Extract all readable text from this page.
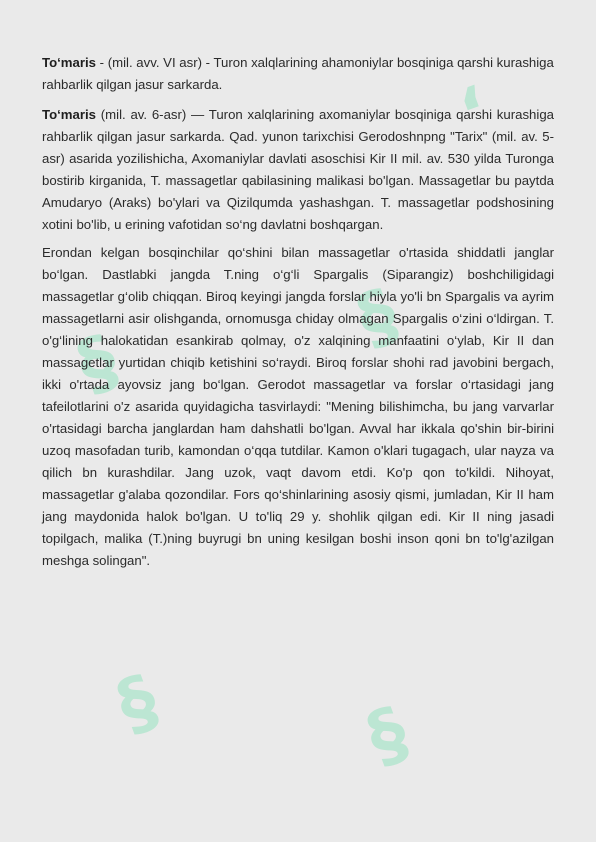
ʻ
§
§
§	§

To‘maris - (mil. avv. VI asr) - Turon xalqlarining ahamoniylar bosqiniga qarshi kurashiga rahbarlik qilgan jasur sarkarda.

To‘maris (mil. av. 6-asr) — Turon xalqlarining axomaniylar bosqiniga qarshi kurashiga rahbarlik qilgan jasur sarkarda. Qad. yunon tarixchisi Gerodoshnpng "Tarix" (mil. av. 5-asr) asarida yozilishicha, Axomaniylar davlati asoschisi Kir II mil. av. 530 yilda Turonga bostirib kirganida, T. massagetlar qabilasining malikasi bo'lgan. Massagetlar bu paytda Amudaryo (Araks) bo'ylari va Qizilqumda yashashgan. T. massagetlar podshosining xotini bo'lib, u erining vafotidan so‘ng davlatni boshqargan.

Erondan kelgan bosqinchilar qo‘shini bilan massagetlar o'rtasida shiddatli janglar bo‘lgan. Dastlabki jangda T.ning o‘g‘li Spargalis (Siparangiz) boshchiligidagi massagetlar g‘olib chiqqan. Biroq keyingi jangda forslar hiyla yo'li bn Spargalis va ayrim massagetlarni asir olishganda, ornomusga chiday olmagan Spargalis o‘zini o‘ldirgan. T. o'g‘lining halokatidan esankirab qolmay, o'z xalqining manfaatini o‘ylab, Kir II dan massagetlar yurtidan chiqib ketishini so‘raydi. Biroq forslar shohi rad javobini bergach, ikki o'rtada ayovsiz jang bo‘lgan. Gerodot massagetlar va forslar o‘rtasidagi jang tafeilotlarini o'z asarida quyidagicha tasvirlaydi: "Mening bilishimcha, bu jang varvarlar o'rtasidagi barcha janglardan ham dahshatli bo'lgan. Avval har ikkala qo'shin bir-birini uzoq masofadan turib, kamondan o‘qqa tutdilar. Kamon o'klari tugagach, ular nayza va qilich bn kurashdilar. Jang uzok, vaqt davom etdi. Ko'p qon to'kildi. Nihoyat, massagetlar g'alaba qozondilar. Fors qo‘shinlarining asosiy qismi, jumladan, Kir II ham jang maydonida halok bo'lgan. U to'liq 29 y. shohlik qilgan edi. Kir II ning jasadi topilgach, malika (T.)ning buyrugi bn uning kesilgan boshi inson qoni bn to'lg'azilgan meshga solingan".
